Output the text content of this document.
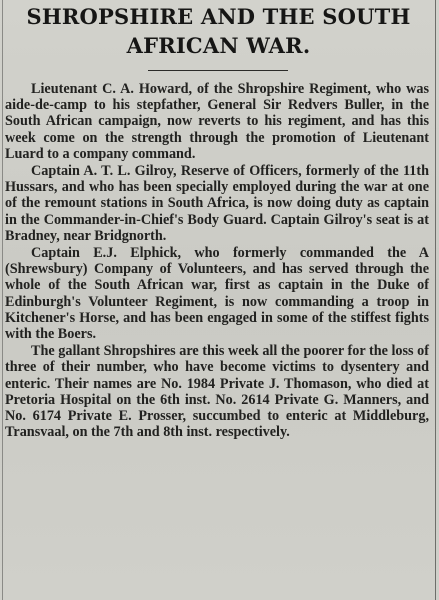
SHROPSHIRE AND THE SOUTH
AFRICAN WAR.

Lieutenant C. A. Howard, of the Shropshire Regiment, who was aide-de-camp to his stepfather, General Sir Redvers Buller, in the South African campaign, now reverts to his regiment, and has this week come on the strength through the promotion of Lieutenant Luard to a company command.

Captain A. T. L. Gilroy, Reserve of Officers, formerly of the 11th Hussars, and who has been specially employed during the war at one of the remount stations in South Africa, is now doing duty as captain in the Commander-in-Chief's Body Guard. Captain Gilroy's seat is at Bradney, near Bridgnorth.

Captain E.J. Elphick, who formerly commanded the A (Shrewsbury) Company of Volunteers, and has served through the whole of the South African war, first as captain in the Duke of Edinburgh's Volunteer Regiment, is now commanding a troop in Kitchener's Horse, and has been engaged in some of the stiffest fights with the Boers.

The gallant Shropshires are this week all the poorer for the loss of three of their number, who have become victims to dysentery and enteric. Their names are No. 1984 Private J. Thomason, who died at Pretoria Hospital on the 6th inst. No. 2614 Private G. Manners, and No. 6174 Private E. Prosser, succumbed to enteric at Middleburg, Transvaal, on the 7th and 8th inst. respectively.
